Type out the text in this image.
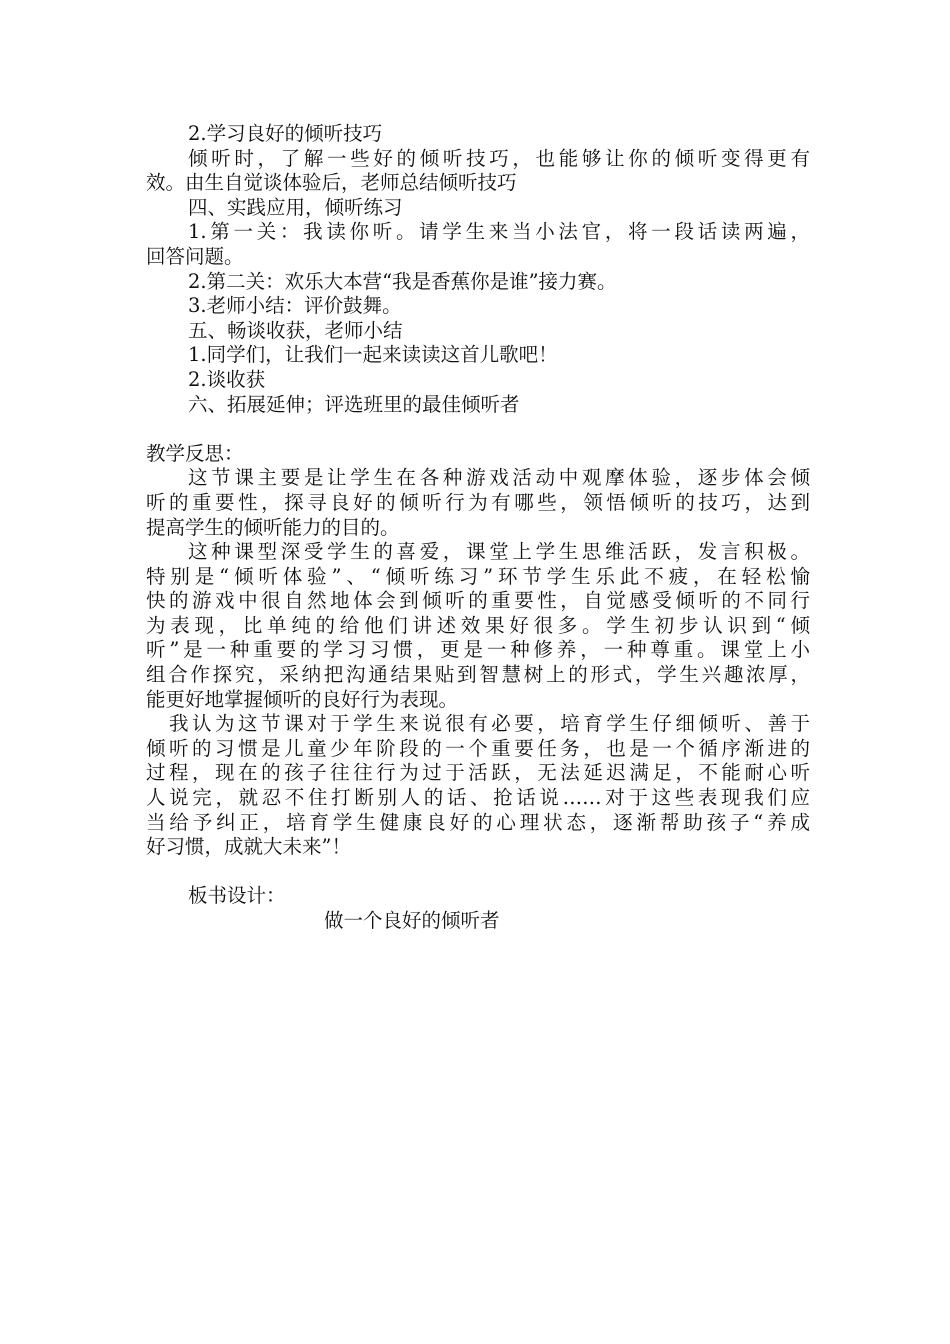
2.学习良好的倾听技巧
倾听时，了解一些好的倾听技巧，也能够让你的倾听变得更有
效。由生自觉谈体验后，老师总结倾听技巧
四、实践应用，倾听练习
1.第一关：我读你听。请学生来当小法官，将一段话读两遍，
回答问题。
2.第二关：欢乐大本营“我是香蕉你是谁”接力赛。
3.老师小结：评价鼓舞。
五、畅谈收获，老师小结
1.同学们，让我们一起来读读这首儿歌吧！
2.谈收获
六、拓展延伸；评选班里的最佳倾听者
教学反思：
这节课主要是让学生在各种游戏活动中观摩体验，逐步体会倾
听的重要性，探寻良好的倾听行为有哪些，领悟倾听的技巧，达到
提高学生的倾听能力的目的。
这种课型深受学生的喜爱，课堂上学生思维活跃，发言积极。
特别是“倾听体验”、“倾听练习”环节学生乐此不疲，在轻松愉
快的游戏中很自然地体会到倾听的重要性，自觉感受倾听的不同行
为表现，比单纯的给他们讲述效果好很多。学生初步认识到“倾
听”是一种重要的学习习惯，更是一种修养，一种尊重。课堂上小
组合作探究，采纳把沟通结果贴到智慧树上的形式，学生兴趣浓厚，
能更好地掌握倾听的良好行为表现。
我认为这节课对于学生来说很有必要，培育学生仔细倾听、善于
倾听的习惯是儿童少年阶段的一个重要任务，也是一个循序渐进的
过程，现在的孩子往往行为过于活跃，无法延迟满足，不能耐心听
人说完，就忍不住打断别人的话、抢话说……对于这些表现我们应
当给予纠正，培育学生健康良好的心理状态，逐渐帮助孩子“养成
好习惯，成就大未来”！
板书设计：
做一个良好的倾听者
